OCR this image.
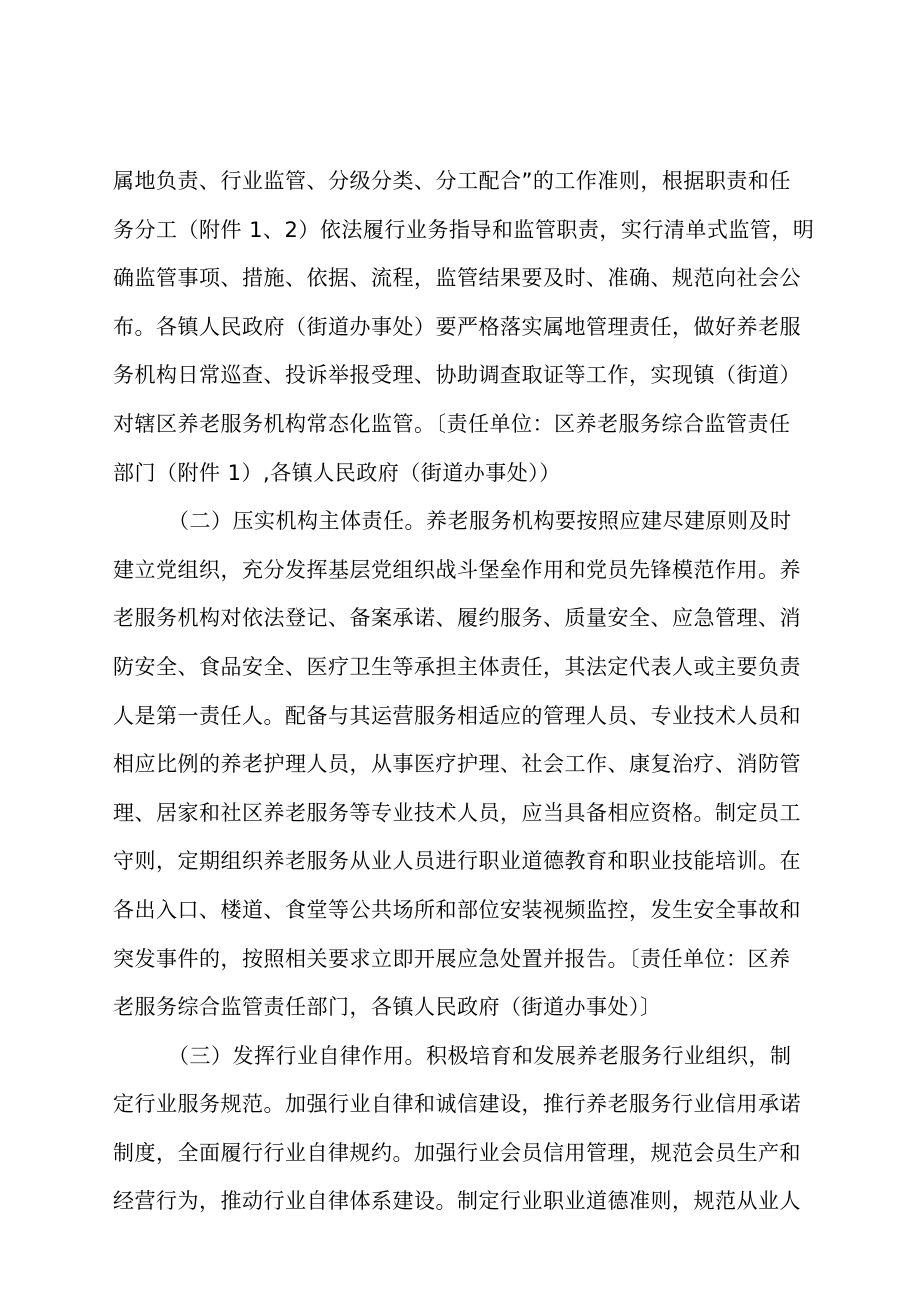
属地负责、行业监管、分级分类、分工配合”的工作准则，根据职责和任
务分工（附件 1、2）依法履行业务指导和监管职责，实行清单式监管，明
确监管事项、措施、依据、流程，监管结果要及时、准确、规范向社会公
布。各镇人民政府（街道办事处）要严格落实属地管理责任，做好养老服
务机构日常巡查、投诉举报受理、协助调查取证等工作，实现镇（街道）
对辖区养老服务机构常态化监管。〔责任单位：区养老服务综合监管责任
部门（附件 1）,各镇人民政府（街道办事处））
（二）压实机构主体责任。养老服务机构要按照应建尽建原则及时
建立党组织，充分发挥基层党组织战斗堡垒作用和党员先锋模范作用。养
老服务机构对依法登记、备案承诺、履约服务、质量安全、应急管理、消
防安全、食品安全、医疗卫生等承担主体责任，其法定代表人或主要负责
人是第一责任人。配备与其运营服务相适应的管理人员、专业技术人员和
相应比例的养老护理人员，从事医疗护理、社会工作、康复治疗、消防管
理、居家和社区养老服务等专业技术人员，应当具备相应资格。制定员工
守则，定期组织养老服务从业人员进行职业道德教育和职业技能培训。在
各出入口、楼道、食堂等公共场所和部位安装视频监控，发生安全事故和
突发事件的，按照相关要求立即开展应急处置并报告。〔责任单位：区养
老服务综合监管责任部门，各镇人民政府（街道办事处）〕
（三）发挥行业自律作用。积极培育和发展养老服务行业组织，制
定行业服务规范。加强行业自律和诚信建设，推行养老服务行业信用承诺
制度，全面履行行业自律规约。加强行业会员信用管理，规范会员生产和
经营行为，推动行业自律体系建设。制定行业职业道德准则，规范从业人
